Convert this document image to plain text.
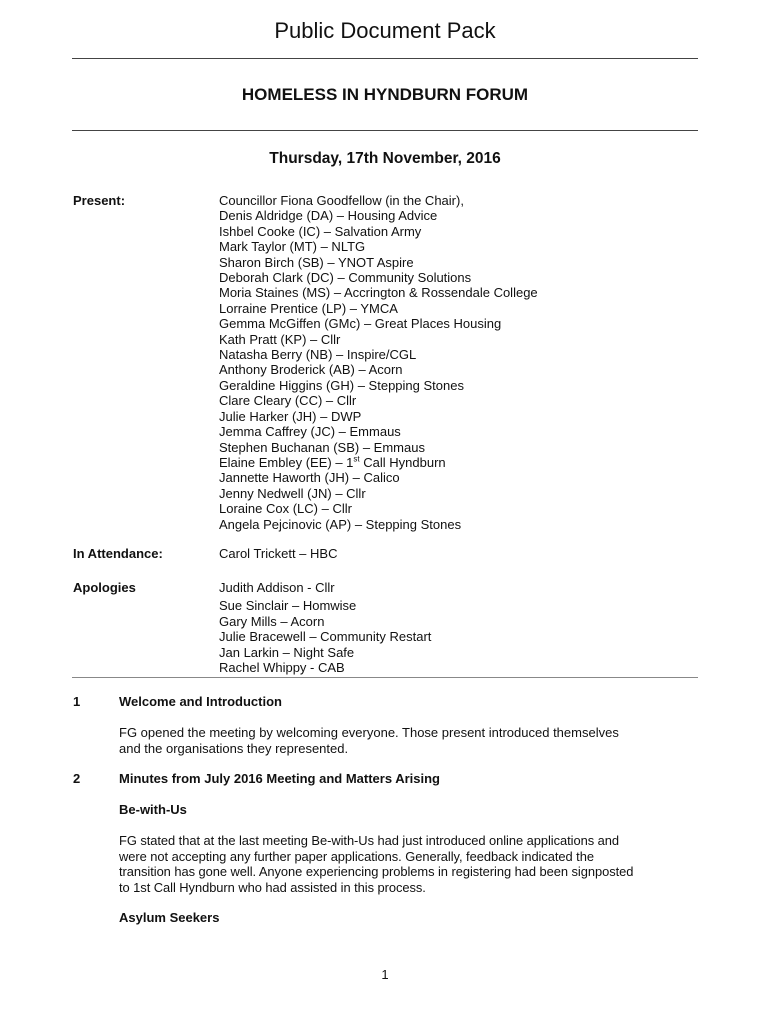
Public Document Pack
HOMELESS IN HYNDBURN FORUM
Thursday, 17th November, 2016
Present:	Councillor Fiona Goodfellow (in the Chair),
Denis Aldridge (DA) – Housing Advice
Ishbel Cooke (IC) – Salvation Army
Mark Taylor (MT) – NLTG
Sharon Birch (SB) – YNOT Aspire
Deborah Clark (DC) – Community Solutions
Moria Staines (MS) – Accrington & Rossendale College
Lorraine Prentice (LP) – YMCA
Gemma McGiffen (GMc) – Great Places Housing
Kath Pratt (KP) – Cllr
Natasha Berry (NB) – Inspire/CGL
Anthony Broderick (AB) – Acorn
Geraldine Higgins (GH) – Stepping Stones
Clare Cleary (CC) – Cllr
Julie Harker (JH) – DWP
Jemma Caffrey (JC) – Emmaus
Stephen Buchanan (SB) – Emmaus
Elaine Embley (EE) – 1st Call Hyndburn
Jannette Haworth (JH) – Calico
Jenny Nedwell (JN) – Cllr
Loraine Cox (LC) – Cllr
Angela Pejcinovic (AP) – Stepping Stones
In Attendance:	Carol Trickett – HBC
Apologies	Judith Addison - Cllr
Sue Sinclair – Homwise
Gary Mills – Acorn
Julie Bracewell – Community Restart
Jan Larkin – Night Safe
Rachel Whippy - CAB
1	Welcome and Introduction

FG opened the meeting by welcoming everyone. Those present introduced themselves
and the organisations they represented.

2	Minutes from July 2016 Meeting and Matters Arising
Be-with-Us

FG stated that at the last meeting Be-with-Us had just introduced online applications and
were not accepting any further paper applications. Generally, feedback indicated the
transition has gone well. Anyone experiencing problems in registering had been signposted
to 1st Call Hyndburn who had assisted in this process.

Asylum Seekers
1
